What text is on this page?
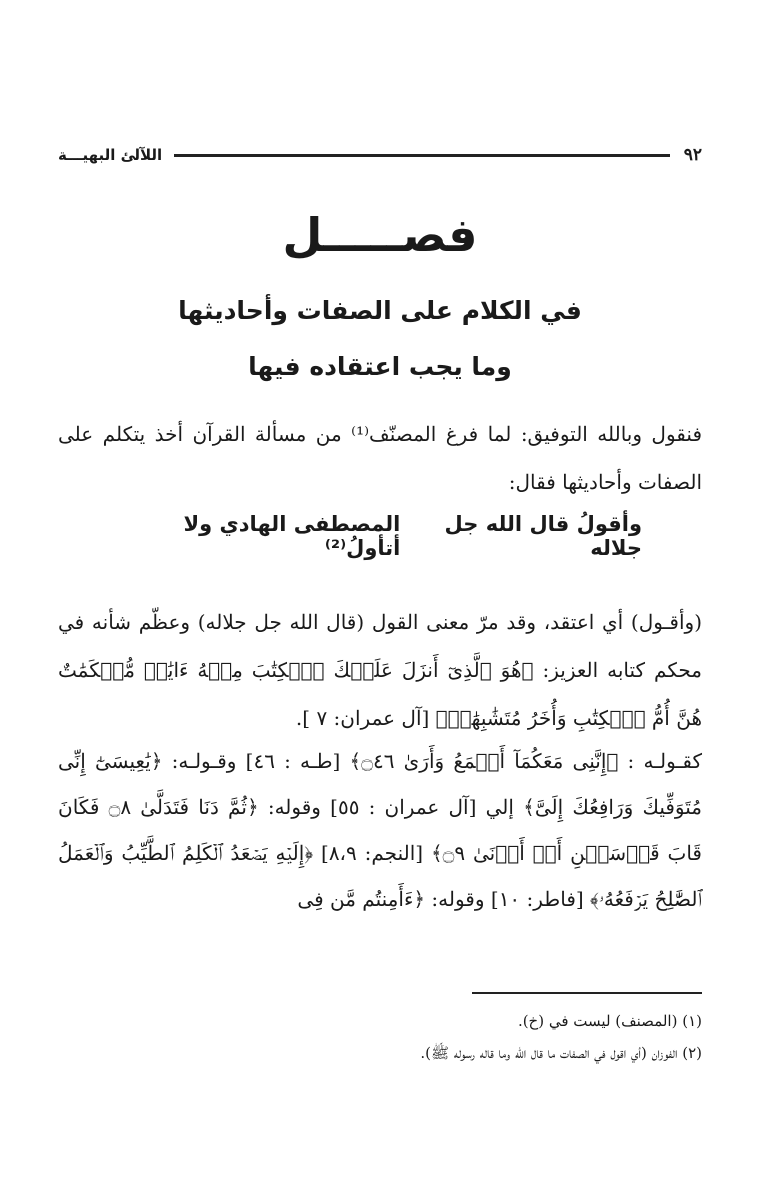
٩٢
اللآلئ البهيـــة
فصـــــل
في الكلام على الصفات وأحاديثها
وما يجب اعتقاده فيها
فنقول وبالله التوفيق: لما فرغ المصنّف⁽¹⁾ من مسألة القرآن أخذ يتكلم على الصفات وأحاديثها فقال:
وأقولُ قال الله جل جلاله
المصطفى الهادي ولا أتأولُ⁽²⁾
(وأقـول) أي اعتقد، وقد مرّ معنى القول (قال الله جل جلاله) وعظّم شأنه في محكم كتابه العزيز: ﴿هُوَ ٱلَّذِىٓ أَنزَلَ عَلَيۡكَ ٱلۡكِتَٰبَ مِنۡهُ ءَايَٰتٞ مُّحۡكَمَٰتٌ هُنَّ أُمُّ ٱلۡكِتَٰبِ وَأُخَرُ مُتَشَٰبِهَٰتٞ﴾ [آل عمران: ٧ ].
كقـولـه : ﴿إِنَّنِى مَعَكُمَآ أَسۡمَعُ وَأَرَىٰ ۝٤٦﴾ [طـه : ٤٦] وقـولـه: ﴿يَٰعِيسَىٰٓ إِنِّى مُتَوَفِّيكَ وَرَافِعُكَ إِلَىَّ﴾ إلي [آل عمران : ٥٥] وقوله: ﴿ثُمَّ دَنَا فَتَدَلَّىٰ ۝٨ فَكَانَ قَابَ قَوۡسَيۡنِ أَوۡ أَدۡنَىٰ ۝٩﴾ [النجم: ٨،٩] ﴿إِلَيۡهِ يَصۡعَدُ ٱلۡكَلِمُ ٱلطَّيِّبُ وَٱلۡعَمَلُ ٱلصَّٰلِحُ يَرۡفَعُهُۥ﴾ [فاطر: ١٠] وقوله: ﴿ءَأَمِنتُم مَّن فِى
(١) (المصنف) ليست في (خ).
(٢) الفوزان (أي اقول في الصفات ما قال الله وما قاله رسوله ﷺ).
